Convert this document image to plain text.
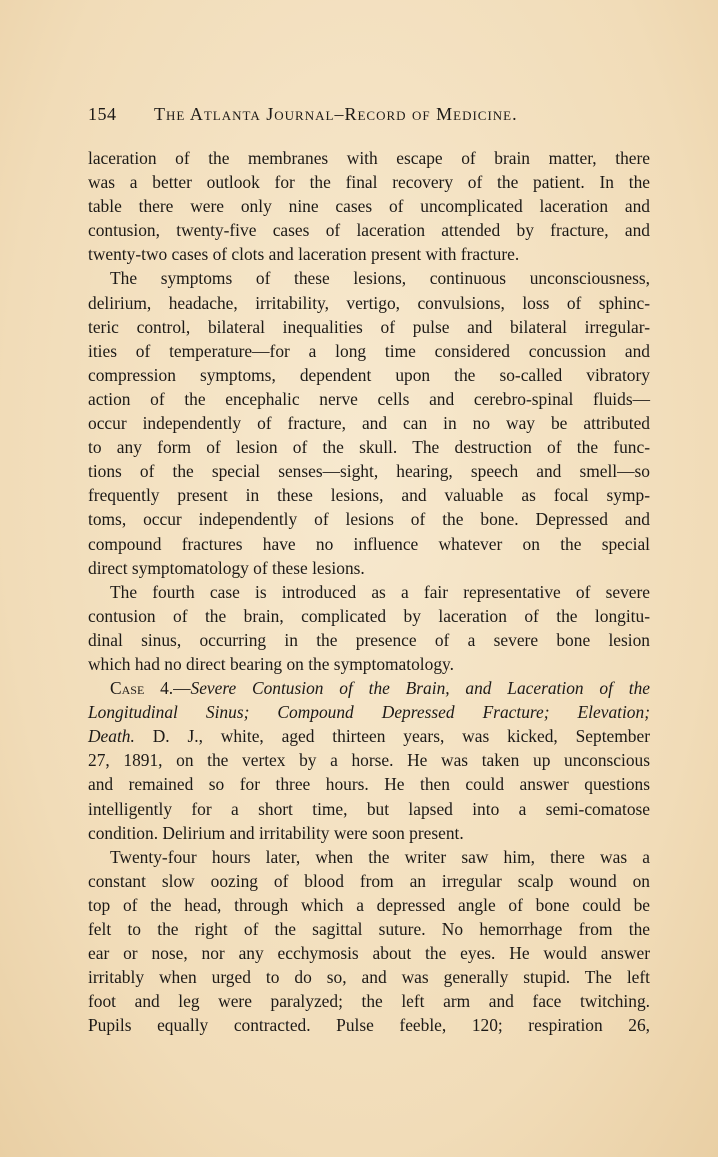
154	The Atlanta Journal–Record of Medicine.
laceration of the membranes with escape of brain matter, there
was a better outlook for the final recovery of the patient. In the
table there were only nine cases of uncomplicated laceration and
contusion, twenty-five cases of laceration attended by fracture, and
twenty-two cases of clots and laceration present with fracture.
The symptoms of these lesions, continuous unconsciousness,
delirium, headache, irritability, vertigo, convulsions, loss of sphinc-
teric control, bilateral inequalities of pulse and bilateral irregular-
ities of temperature—for a long time considered concussion and
compression symptoms, dependent upon the so-called vibratory
action of the encephalic nerve cells and cerebro-spinal fluids—
occur independently of fracture, and can in no way be attributed
to any form of lesion of the skull. The destruction of the func-
tions of the special senses—sight, hearing, speech and smell—so
frequently present in these lesions, and valuable as focal symp-
toms, occur independently of lesions of the bone. Depressed and
compound fractures have no influence whatever on the special
direct symptomatology of these lesions.
The fourth case is introduced as a fair representative of severe
contusion of the brain, complicated by laceration of the longitu-
dinal sinus, occurring in the presence of a severe bone lesion
which had no direct bearing on the symptomatology.
Case 4.—Severe Contusion of the Brain, and Laceration of the
Longitudinal Sinus; Compound Depressed Fracture; Elevation;
Death. D. J., white, aged thirteen years, was kicked, September
27, 1891, on the vertex by a horse. He was taken up unconscious
and remained so for three hours. He then could answer questions
intelligently for a short time, but lapsed into a semi-comatose
condition. Delirium and irritability were soon present.
Twenty-four hours later, when the writer saw him, there was a
constant slow oozing of blood from an irregular scalp wound on
top of the head, through which a depressed angle of bone could be
felt to the right of the sagittal suture. No hemorrhage from the
ear or nose, nor any ecchymosis about the eyes. He would answer
irritably when urged to do so, and was generally stupid. The left
foot and leg were paralyzed; the left arm and face twitching.
Pupils equally contracted. Pulse feeble, 120; respiration 26,
